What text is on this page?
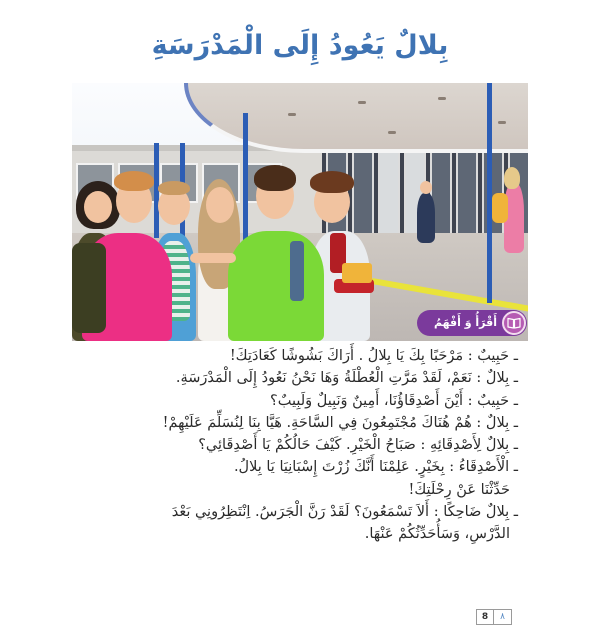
بِلالٌ يَعُودُ إِلَى الْمَدْرَسَةِ
أَقْرَأُ وَ أَفْهَمُ
ـ حَبِيبٌ : مَرْحَبًا بِكَ يَا بِلالُ . أَرَاكَ بَشُوشًا كَعَادَتِكَ!
ـ بِلالٌ : نَعَمْ، لَقَدْ مَرَّتِ الْعُطْلَةُ وَهَا نَحْنُ نَعُودُ إِلَى الْمَدْرَسَةِ.
ـ حَبِيبٌ : أَيْنَ أَصْدِقَاؤُنَا، أَمِينٌ وَنَبِيلٌ وَلَبِيبٌ؟
ـ بِلالٌ : هُمْ هُنَاكَ مُجْتَمِعُونَ فِي السَّاحَةِ. هَيَّا بِنَا لِنُسَلِّمَ عَلَيْهِمْ!
ـ بِلالٌ لِأَصْدِقَائِهِ : صَبَاحُ الْخَيْرِ. كَيْفَ حَالُكُمْ يَا أَصْدِقَائِي؟
ـ الْأَصْدِقَاءُ : بِخَيْرٍ. عَلِمْنَا أَنَّكَ زُرْتَ إِسْبَانِيَا يَا بِلالُ.
حَدِّثْنَا عَنْ رِحْلَتِكَ!
ـ بِلالٌ ضَاحِكًا : أَلاَ تَسْمَعُونَ؟ لَقَدْ رَنَّ الْجَرَسُ. اِنْتَظِرُونِي بَعْدَ
الدَّرْسِ، وَسَأُحَدِّثُكُمْ عَنْهَا.
8	٨
